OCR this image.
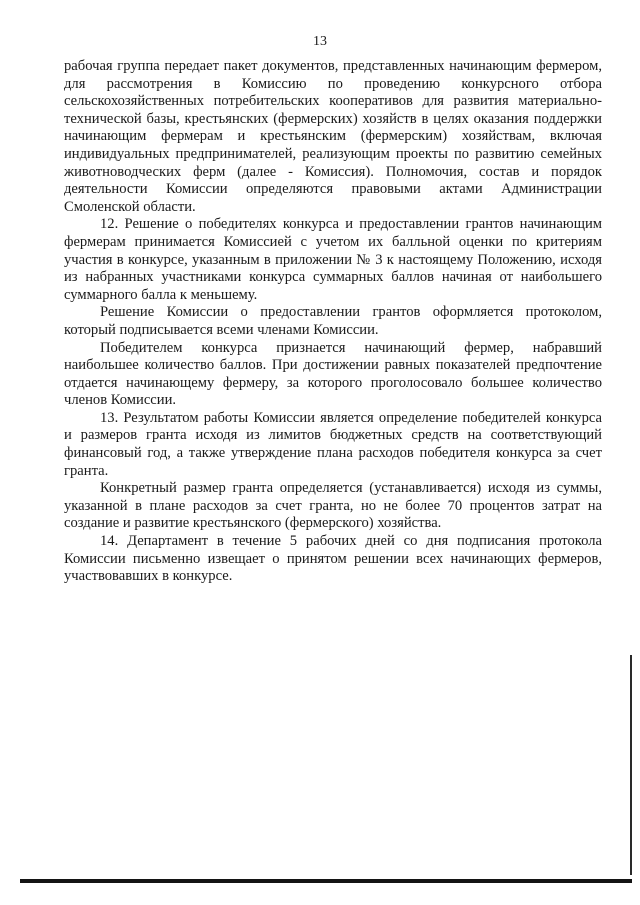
13

рабочая группа передает пакет документов, представленных начинающим фермером, для рассмотрения в Комиссию по проведению конкурсного отбора сельскохозяйственных потребительских кооперативов для развития материально-технической базы, крестьянских (фермерских) хозяйств в целях оказания поддержки начинающим фермерам и крестьянским (фермерским) хозяйствам, включая индивидуальных предпринимателей, реализующим проекты по развитию семейных животноводческих ферм (далее - Комиссия). Полномочия, состав и порядок деятельности Комиссии определяются правовыми актами Администрации Смоленской области.

12. Решение о победителях конкурса и предоставлении грантов начинающим фермерам принимается Комиссией с учетом их балльной оценки по критериям участия в конкурсе, указанным в приложении № 3 к настоящему Положению, исходя из набранных участниками конкурса суммарных баллов начиная от наибольшего суммарного балла к меньшему.

Решение Комиссии о предоставлении грантов оформляется протоколом, который подписывается всеми членами Комиссии.

Победителем конкурса признается начинающий фермер, набравший наибольшее количество баллов. При достижении равных показателей предпочтение отдается начинающему фермеру, за которого проголосовало большее количество членов Комиссии.

13. Результатом работы Комиссии является определение победителей конкурса и размеров гранта исходя из лимитов бюджетных средств на соответствующий финансовый год, а также утверждение плана расходов победителя конкурса за счет гранта.

Конкретный размер гранта определяется (устанавливается) исходя из суммы, указанной в плане расходов за счет гранта, но не более 70 процентов затрат на создание и развитие крестьянского (фермерского) хозяйства.

14. Департамент в течение 5 рабочих дней со дня подписания протокола Комиссии письменно извещает о принятом решении всех начинающих фермеров, участвовавших в конкурсе.
